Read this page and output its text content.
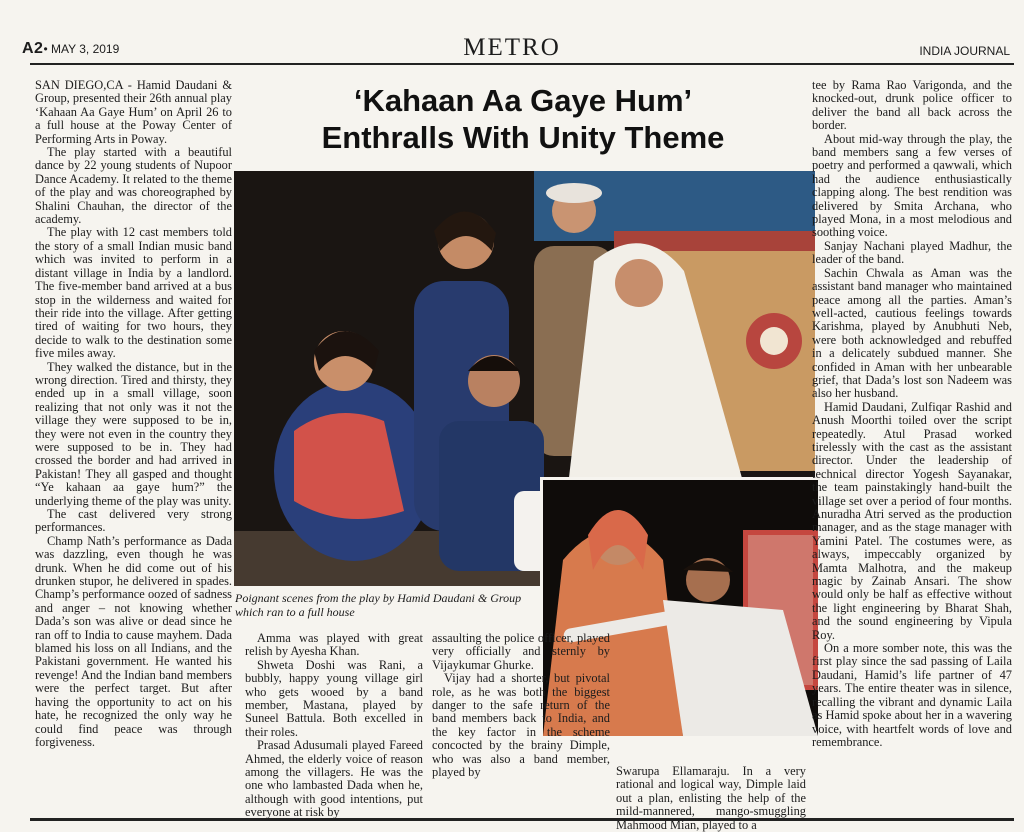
A2• MAY 3, 2019	METRO	INDIA JOURNAL

SAN DIEGO,CA - Hamid Daudani & Group, presented their 26th annual play ‘Kahaan Aa Gaye Hum’ on April 26 to a full house at the Poway Center of Performing Arts in Poway.

The play started with a beautiful dance by 22 young students of Nupoor Dance Academy. It related to the theme of the play and was choreographed by Shalini Chauhan, the director of the academy.

The play with 12 cast members told the story of a small Indian music band which was invited to perform in a distant village in India by a landlord. The five-member band arrived at a bus stop in the wilderness and waited for their ride into the village. After getting tired of waiting for two hours, they decide to walk to the destination some five miles away.

They walked the distance, but in the wrong direction. Tired and thirsty, they ended up in a small village, soon realizing that not only was it not the village they were supposed to be in, they were not even in the country they were supposed to be in. They had crossed the border and had arrived in Pakistan! They all gasped and thought “Ye kahaan aa gaye hum?” the underlying theme of the play was unity.

The cast delivered very strong performances.

Champ Nath’s performance as Dada was dazzling, even though he was drunk. When he did come out of his drunken stupor, he delivered in spades. Champ’s performance oozed of sadness and anger – not knowing whether Dada’s son was alive or dead since he ran off to India to cause mayhem. Dada blamed his loss on all Indians, and the Pakistani government. He wanted his revenge! And the Indian band members were the perfect target. But after having the opportunity to act on his hate, he recognized the only way he could find peace was through forgiveness.

‘Kahaan Aa Gaye Hum’
Enthralls With Unity Theme
Poignant scenes from the play by Hamid Daudani & Group which ran to a full house

Amma was played with great relish by Ayesha Khan.

Shweta Doshi was Rani, a bubbly, happy young village girl who gets wooed by a band member, Mastana, played by Suneel Battula. Both excelled in their roles.

Prasad Adusumali played Fareed Ahmed, the elderly voice of reason among the villagers. He was the one who lambasted Dada when he, although with good intentions, put everyone at risk by

assaulting the police officer, played very officially and sternly by Vijaykumar Ghurke.

Vijay had a shorter, but pivotal role, as he was both the biggest danger to the safe return of the band members back to India, and the key factor in the scheme concocted by the brainy Dimple, who was also a band member, played by	Swarupa Ellamaraju. In a very rational and logical way, Dimple laid out a plan, enlisting the help of the mild-mannered, mango-smuggling Mahmood Mian, played to a

tee by Rama Rao Varigonda, and the knocked-out, drunk police officer to deliver the band all back across the border.

About mid-way through the play, the band members sang a few verses of poetry and performed a qawwali, which had the audience enthusiastically clapping along. The best rendition was delivered by Smita Archana, who played Mona, in a most melodious and soothing voice.

Sanjay Nachani played Madhur, the leader of the band.

Sachin Chwala as Aman was the assistant band manager who maintained peace among all the parties. Aman’s well-acted, cautious feelings towards Karishma, played by Anubhuti Neb, were both acknowledged and rebuffed in a delicately subdued manner. She confided in Aman with her unbearable grief, that Dada’s lost son Nadeem was also her husband.

Hamid Daudani, Zulfiqar Rashid and Anush Moorthi toiled over the script repeatedly. Atul Prasad worked tirelessly with the cast as the assistant director. Under the leadership of technical director Yogesh Sayanakar, the team painstakingly hand-built the village set over a period of four months. Anuradha Atri served as the production manager, and as the stage manager with Yamini Patel. The costumes were, as always, impeccably organized by Mamta Malhotra, and the makeup magic by Zainab Ansari. The show would only be half as effective without the light engineering by Bharat Shah, and the sound engineering by Vipula Roy.

On a more somber note, this was the first play since the sad passing of Laila Daudani, Hamid’s life partner of 47 years. The entire theater was in silence, recalling the vibrant and dynamic Laila as Hamid spoke about her in a wavering voice, with heartfelt words of love and remembrance.
